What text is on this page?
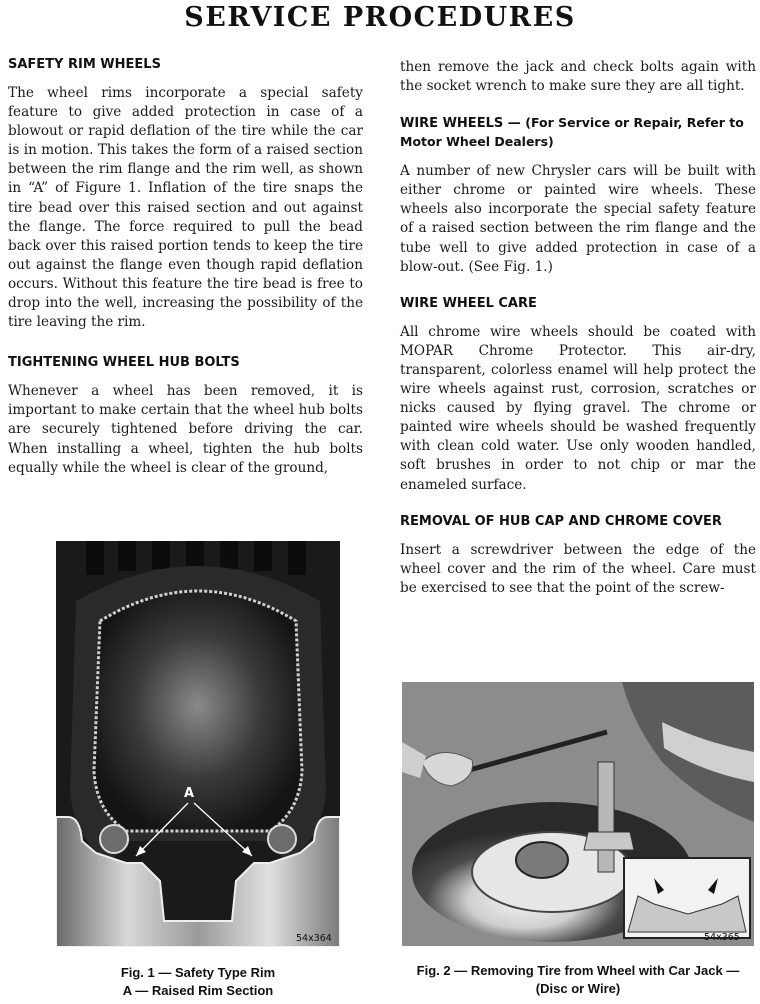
SERVICE PROCEDURES
SAFETY RIM WHEELS

The wheel rims incorporate a special safety feature to give added protection in case of a blowout or rapid deflation of the tire while the car is in motion. This takes the form of a raised section between the rim flange and the rim well, as shown in “A” of Figure 1. Inflation of the tire snaps the tire bead over this raised section and out against the flange. The force required to pull the bead back over this raised portion tends to keep the tire out against the flange even though rapid deflation occurs. Without this feature the tire bead is free to drop into the well, increasing the possibility of the tire leaving the rim.

TIGHTENING WHEEL HUB BOLTS

Whenever a wheel has been removed, it is important to make certain that the wheel hub bolts are securely tightened before driving the car. When installing a wheel, tighten the hub bolts equally while the wheel is clear of the ground,

then remove the jack and check bolts again with the socket wrench to make sure they are all tight.

WIRE WHEELS — (For Service or Repair, Refer to Motor Wheel Dealers)

A number of new Chrysler cars will be built with either chrome or painted wire wheels. These wheels also incorporate the special safety feature of a raised section between the rim flange and the tube well to give added protection in case of a blow-out. (See Fig. 1.)

WIRE WHEEL CARE

All chrome wire wheels should be coated with MOPAR Chrome Protector. This air-dry, transparent, colorless enamel will help protect the wire wheels against rust, corrosion, scratches or nicks caused by flying gravel. The chrome or painted wire wheels should be washed frequently with clean cold water. Use only wooden handled, soft brushes in order to not chip or mar the enameled surface.

REMOVAL OF HUB CAP AND CHROME COVER

Insert a screwdriver between the edge of the wheel cover and the rim of the wheel. Care must be exercised to see that the point of the screw-

A
54x364	54x365
Fig. 1 — Safety Type Rim
A — Raised Rim Section
Fig. 2 — Removing Tire from Wheel with Car Jack —
(Disc or Wire)
